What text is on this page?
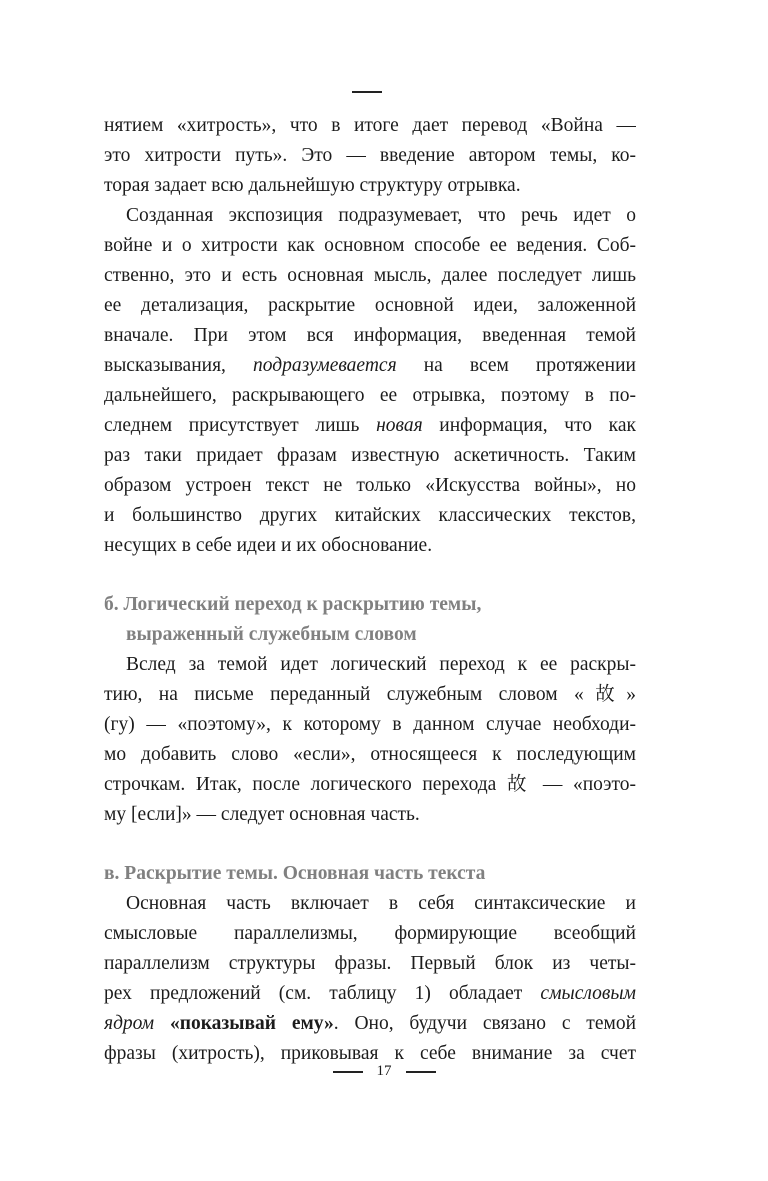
нятием «хитрость», что в итоге дает перевод «Война —
это хитрости путь». Это — введение автором темы, ко-
торая задает всю дальнейшую структуру отрывка.
Созданная экспозиция подразумевает, что речь идет о
войне и о хитрости как основном способе ее ведения. Соб-
ственно, это и есть основная мысль, далее последует лишь
ее детализация, раскрытие основной идеи, заложенной
вначале. При этом вся информация, введенная темой
высказывания, подразумевается на всем протяжении
дальнейшего, раскрывающего ее отрывка, поэтому в по-
следнем присутствует лишь новая информация, что как
раз таки придает фразам известную аскетичность. Таким
образом устроен текст не только «Искусства войны», но
и большинство других китайских классических текстов,
несущих в себе идеи и их обоснование.
б. Логический переход к раскрытию темы,
выраженный служебным словом
Вслед за темой идет логический переход к ее раскры-
тию, на письме переданный служебным словом «故»
(гу) — «поэтому», к которому в данном случае необходи-
мо добавить слово «если», относящееся к последующим
строчкам. Итак, после логического перехода 故 — «поэто-
му [если]» — следует основная часть.
в. Раскрытие темы. Основная часть текста
Основная часть включает в себя синтаксические и
смысловые параллелизмы, формирующие всеобщий
параллелизм структуры фразы. Первый блок из четы-
рех предложений (см. таблицу 1) обладает смысловым
ядром «показывай ему». Оно, будучи связано с темой
фразы (хитрость), приковывая к себе внимание за счет
17
